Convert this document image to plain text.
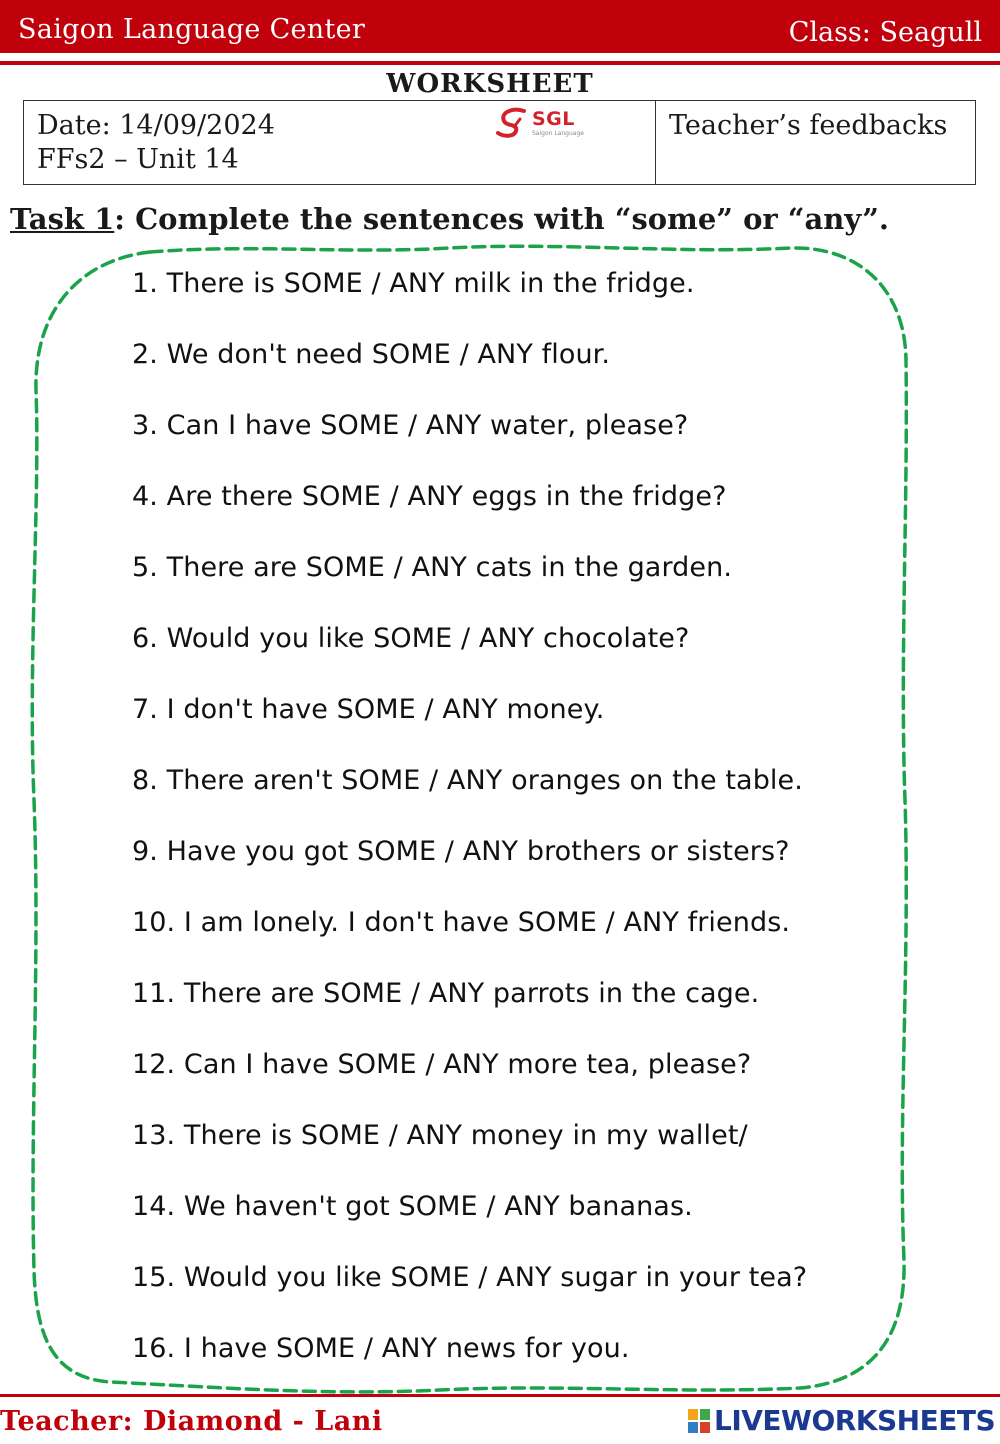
Saigon Language Center	Class: Seagull
WORKSHEET
Date: 14/09/2024
FFs2 – Unit 14
SGL
Saigon Language	Teacher’s feedbacks
Task 1: Complete the sentences with “some” or “any”.
1. There is SOME / ANY milk in the fridge.
2. We don't need SOME / ANY flour.
3. Can I have SOME / ANY water, please?
4. Are there SOME / ANY eggs in the fridge?
5. There are SOME / ANY cats in the garden.
6. Would you like SOME / ANY chocolate?
7. I don't have SOME / ANY money.
8. There aren't SOME / ANY oranges on the table.
9. Have you got SOME / ANY brothers or sisters?
10. I am lonely. I don't have SOME / ANY friends.
11. There are SOME / ANY parrots in the cage.
12. Can I have SOME / ANY more tea, please?
13. There is SOME / ANY money in my wallet/
14. We haven't got SOME / ANY bananas.
15. Would you like SOME / ANY sugar in your tea?
16. I have SOME / ANY news for you.
Teacher: Diamond - Lani	LIVEWORKSHEETS
